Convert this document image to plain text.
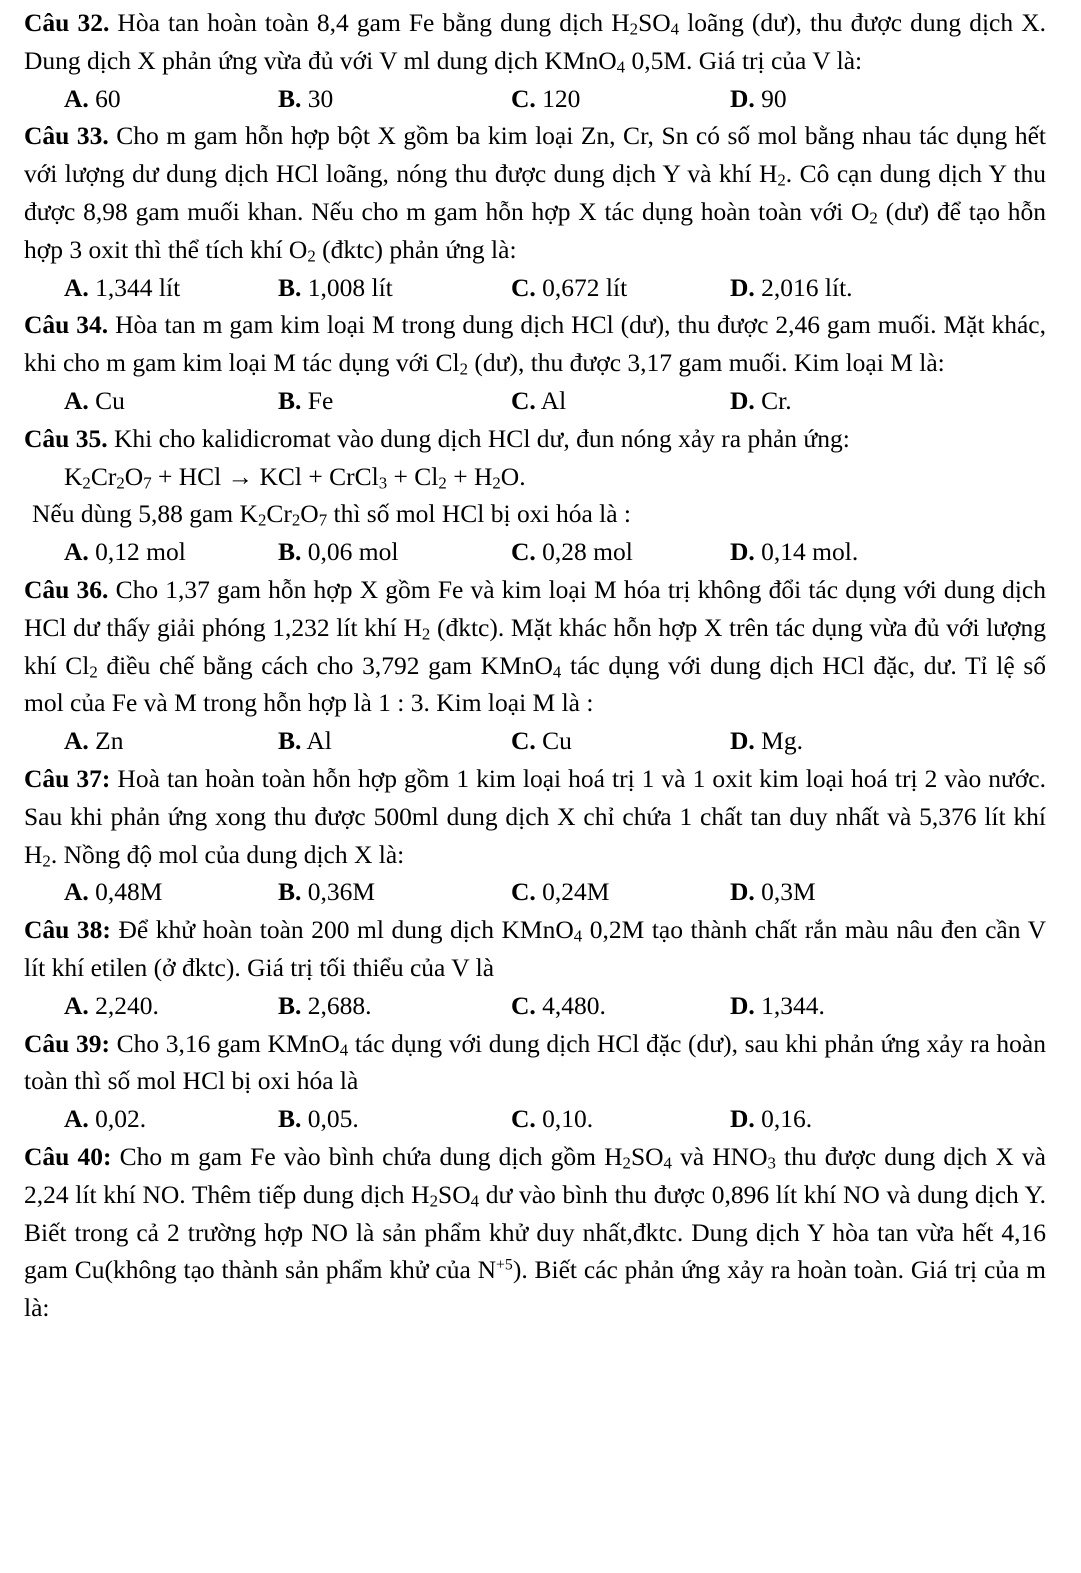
Câu 32. Hòa tan hoàn toàn 8,4 gam Fe bằng dung dịch $H_2SO_4$ loãng (dư), thu được dung dịch X. Dung dịch X phản ứng vừa đủ với V ml dung dịch KMnO$_4$ 0,5M. Giá trị của V là:
A. 60	B. 30	C. 120	D. 90
Câu 33. Cho m gam hỗn hợp bột X gồm ba kim loại Zn, Cr, Sn có số mol bằng nhau tác dụng hết với lượng dư dung dịch HCl loãng, nóng thu được dung dịch Y và khí $H_2$. Cô cạn dung dịch Y thu được 8,98 gam muối khan. Nếu cho m gam hỗn hợp X tác dụng hoàn toàn với $O_2$ (dư) để tạo hỗn hợp 3 oxit thì thể tích khí $O_2$ (đktc) phản ứng là:
A. 1,344 lít	B. 1,008 lít	C. 0,672 lít	D. 2,016 lít.
Câu 34. Hòa tan m gam kim loại M trong dung dịch HCl (dư), thu được 2,46 gam muối. Mặt khác, khi cho m gam kim loại M tác dụng với $Cl_2$ (dư), thu được 3,17 gam muối. Kim loại M là:
A. Cu	B. Fe	C. Al	D. Cr.
Câu 35. Khi cho kalidicromat vào dung dịch HCl dư, đun nóng xảy ra phản ứng:
$K_2Cr_2O_7$ + HCl → KCl + CrCl$_3$ + $Cl_2 + H_2O$.
Nếu dùng 5,88 gam $K_2Cr_2O_7$ thì số mol HCl bị oxi hóa là :
A. 0,12 mol	B. 0,06 mol	C. 0,28 mol	D. 0,14 mol.
Câu 36. Cho 1,37 gam hỗn hợp X gồm Fe và kim loại M hóa trị không đổi tác dụng với dung dịch HCl dư thấy giải phóng 1,232 lít khí $H_2$ (đktc). Mặt khác hỗn hợp X trên tác dụng vừa đủ với lượng khí $Cl_2$ điều chế bằng cách cho 3,792 gam KMnO$_4$ tác dụng với dung dịch HCl đặc, dư. Tỉ lệ số mol của Fe và M trong hỗn hợp là 1 : 3. Kim loại M là :
A. Zn	B. Al	C. Cu	D. Mg.
Câu 37: Hoà tan hoàn toàn hỗn hợp gồm 1 kim loại hoá trị 1 và 1 oxit kim loại hoá trị 2 vào nước. Sau khi phản ứng xong thu được 500ml dung dịch X chỉ chứa 1 chất tan duy nhất và 5,376 lít khí $H_2$. Nồng độ mol của dung dịch X là:
A. 0,48M	B. 0,36M	C. 0,24M	D. 0,3M
Câu 38: Để khử hoàn toàn 200 ml dung dịch KMnO$_4$ 0,2M tạo thành chất rắn màu nâu đen cần V lít khí etilen (ở đktc). Giá trị tối thiểu của V là
A. 2,240.	B. 2,688.	C. 4,480.	D. 1,344.
Câu 39: Cho 3,16 gam KMnO$_4$ tác dụng với dung dịch HCl đặc (dư), sau khi phản ứng xảy ra hoàn toàn thì số mol HCl bị oxi hóa là
A. 0,02.	B. 0,05.	C. 0,10.	D. 0,16.
Câu 40: Cho m gam Fe vào bình chứa dung dịch gồm $H_2SO_4$ và $HNO_3$ thu được dung dịch X và 2,24 lít khí NO. Thêm tiếp dung dịch $H_2SO_4$ dư vào bình thu được 0,896 lít khí NO và dung dịch Y. Biết trong cả 2 trường hợp NO là sản phẩm khử duy nhất,đktc. Dung dịch Y hòa tan vừa hết 4,16 gam Cu(không tạo thành sản phẩm khử của $N^{+5}$). Biết các phản ứng xảy ra hoàn toàn. Giá trị của m là:
